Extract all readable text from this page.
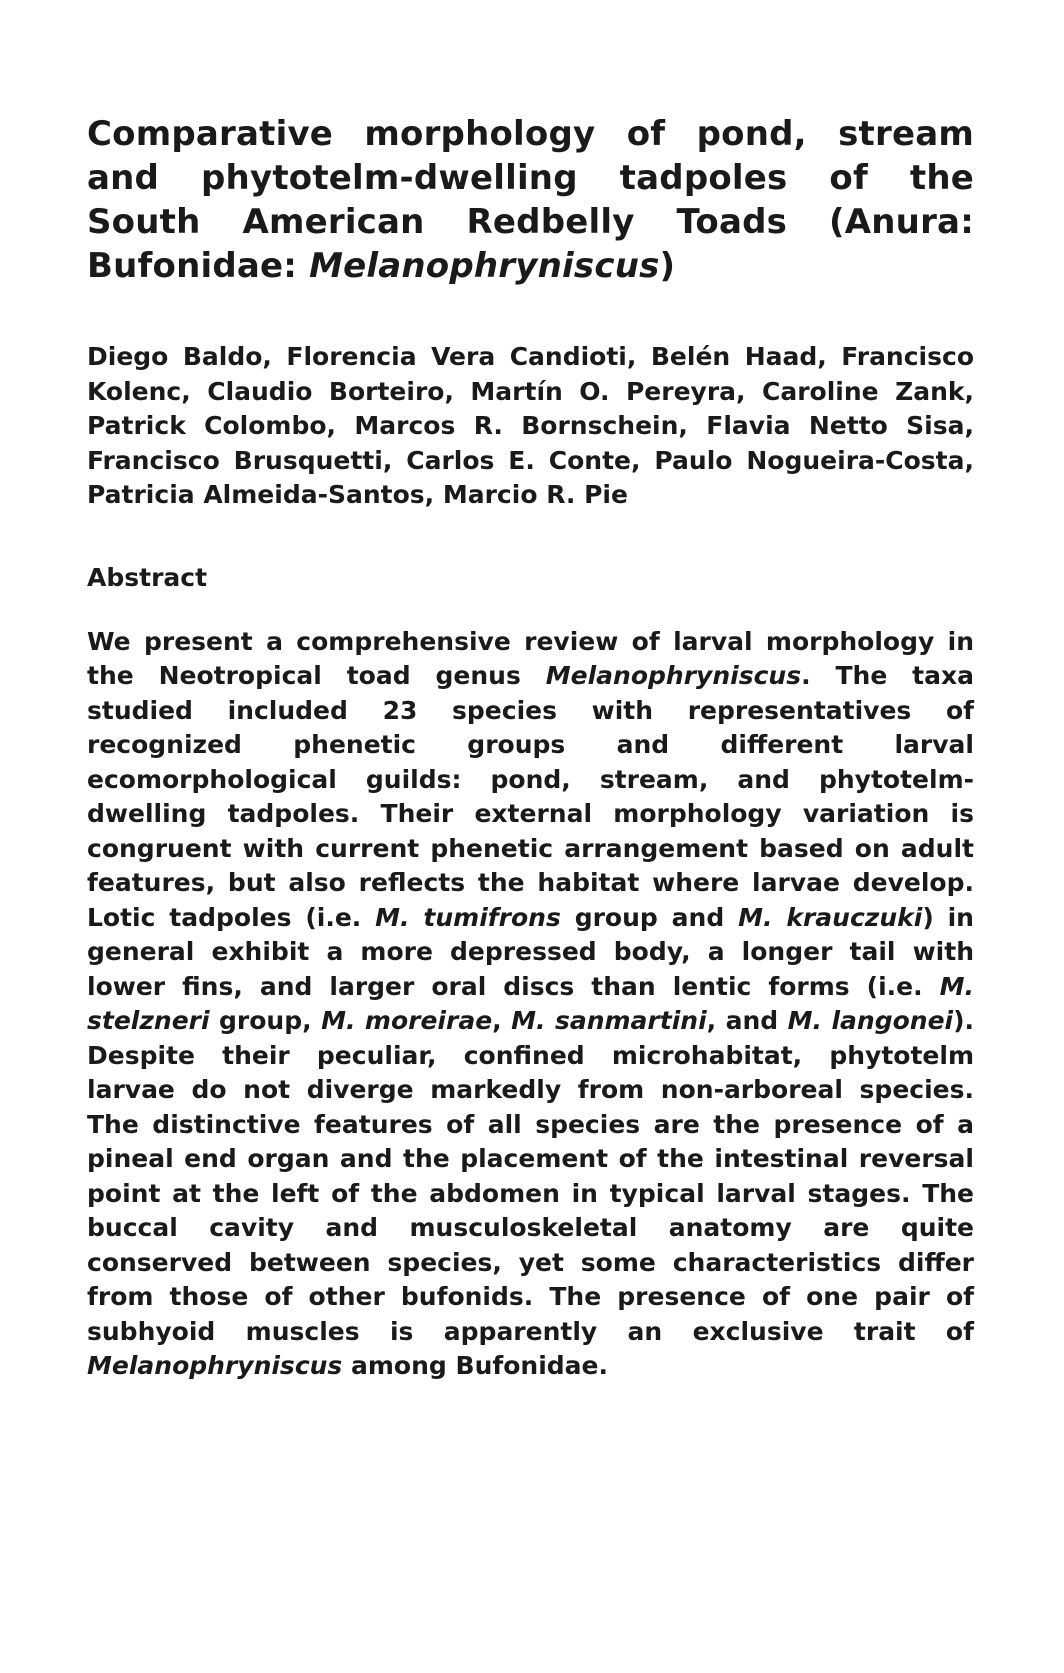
Comparative morphology of pond, stream and phytotelm-dwelling tadpoles of the South American Redbelly Toads (Anura: Bufonidae: Melanophryniscus)

Diego Baldo, Florencia Vera Candioti, Belén Haad, Francisco Kolenc, Claudio Borteiro, Martín O. Pereyra, Caroline Zank, Patrick Colombo, Marcos R. Bornschein, Flavia Netto Sisa, Francisco Brusquetti, Carlos E. Conte, Paulo Nogueira-Costa, Patricia Almeida-Santos, Marcio R. Pie

Abstract

We present a comprehensive review of larval morphology in the Neotropical toad genus Melanophryniscus. The taxa studied included 23 species with representatives of recognized phenetic groups and different larval ecomorphological guilds: pond, stream, and phytotelm-dwelling tadpoles. Their external morphology variation is congruent with current phenetic arrangement based on adult features, but also reflects the habitat where larvae develop. Lotic tadpoles (i.e. M. tumifrons group and M. krauczuki) in general exhibit a more depressed body, a longer tail with lower fins, and larger oral discs than lentic forms (i.e. M. stelzneri group, M. moreirae, M. sanmartini, and M. langonei). Despite their peculiar, confined microhabitat, phytotelm larvae do not diverge markedly from non-arboreal species. The distinctive features of all species are the presence of a pineal end organ and the placement of the intestinal reversal point at the left of the abdomen in typical larval stages. The buccal cavity and musculoskeletal anatomy are quite conserved between species, yet some characteristics differ from those of other bufonids. The presence of one pair of subhyoid muscles is apparently an exclusive trait of Melanophryniscus among Bufonidae.
